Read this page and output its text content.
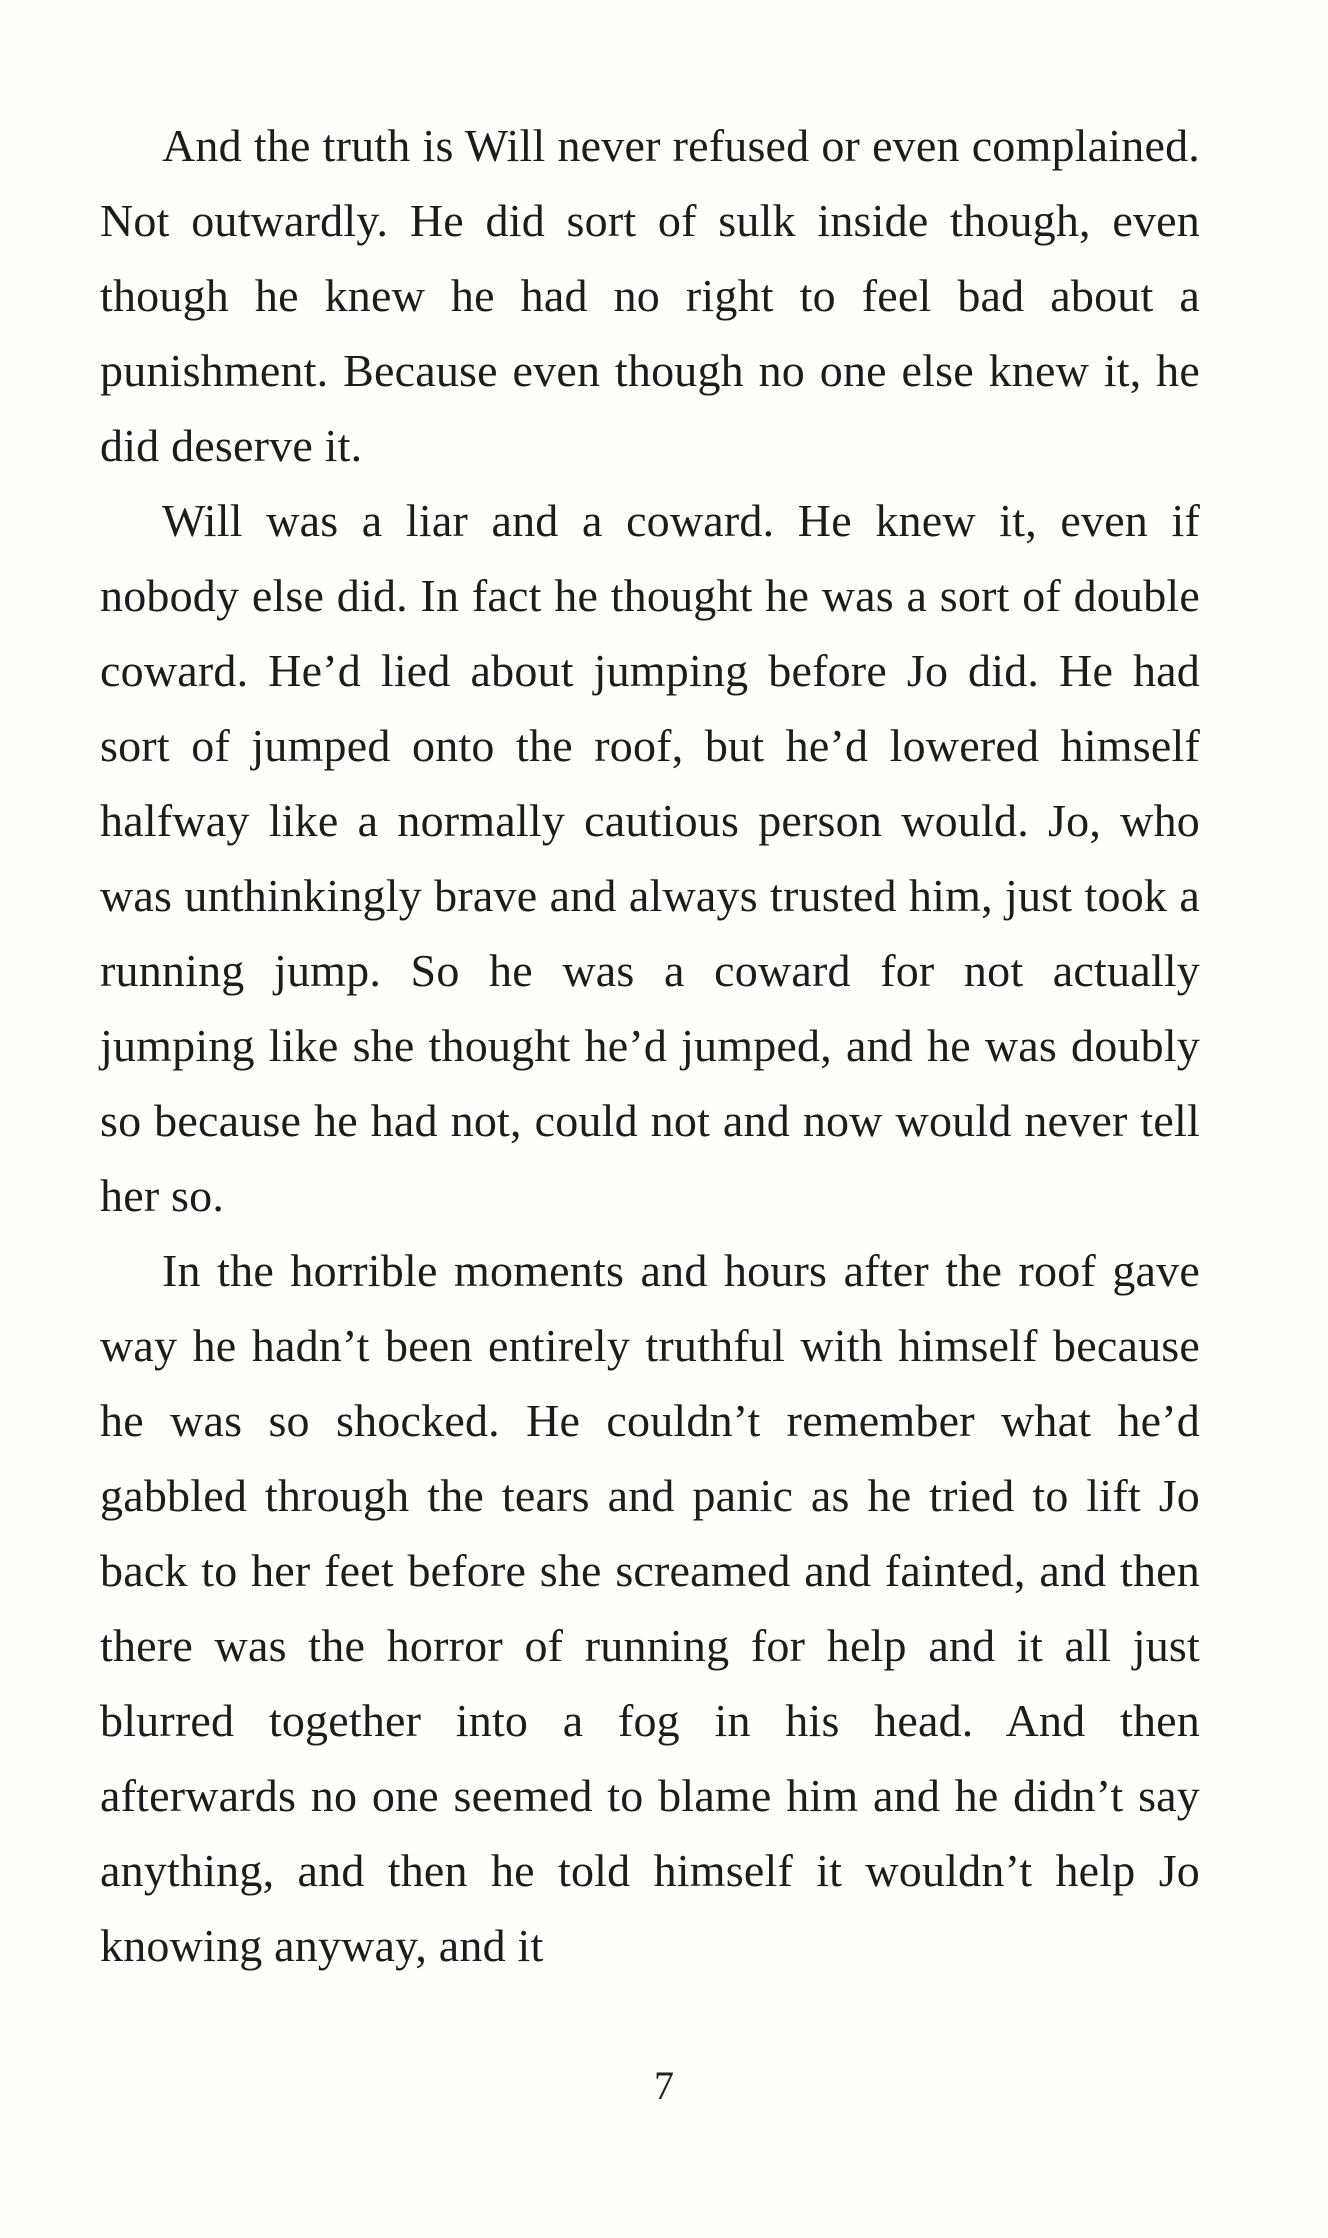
And the truth is Will never refused or even complained. Not outwardly. He did sort of sulk inside though, even though he knew he had no right to feel bad about a punishment. Because even though no one else knew it, he did deserve it.

Will was a liar and a coward. He knew it, even if nobody else did. In fact he thought he was a sort of double coward. He’d lied about jumping before Jo did. He had sort of jumped onto the roof, but he’d lowered himself halfway like a normally cautious person would. Jo, who was unthinkingly brave and always trusted him, just took a running jump. So he was a coward for not actually jumping like she thought he’d jumped, and he was doubly so because he had not, could not and now would never tell her so.

In the horrible moments and hours after the roof gave way he hadn’t been entirely truthful with himself because he was so shocked. He couldn’t remember what he’d gabbled through the tears and panic as he tried to lift Jo back to her feet before she screamed and fainted, and then there was the horror of running for help and it all just blurred together into a fog in his head. And then afterwards no one seemed to blame him and he didn’t say anything, and then he told himself it wouldn’t help Jo knowing anyway, and it

7
